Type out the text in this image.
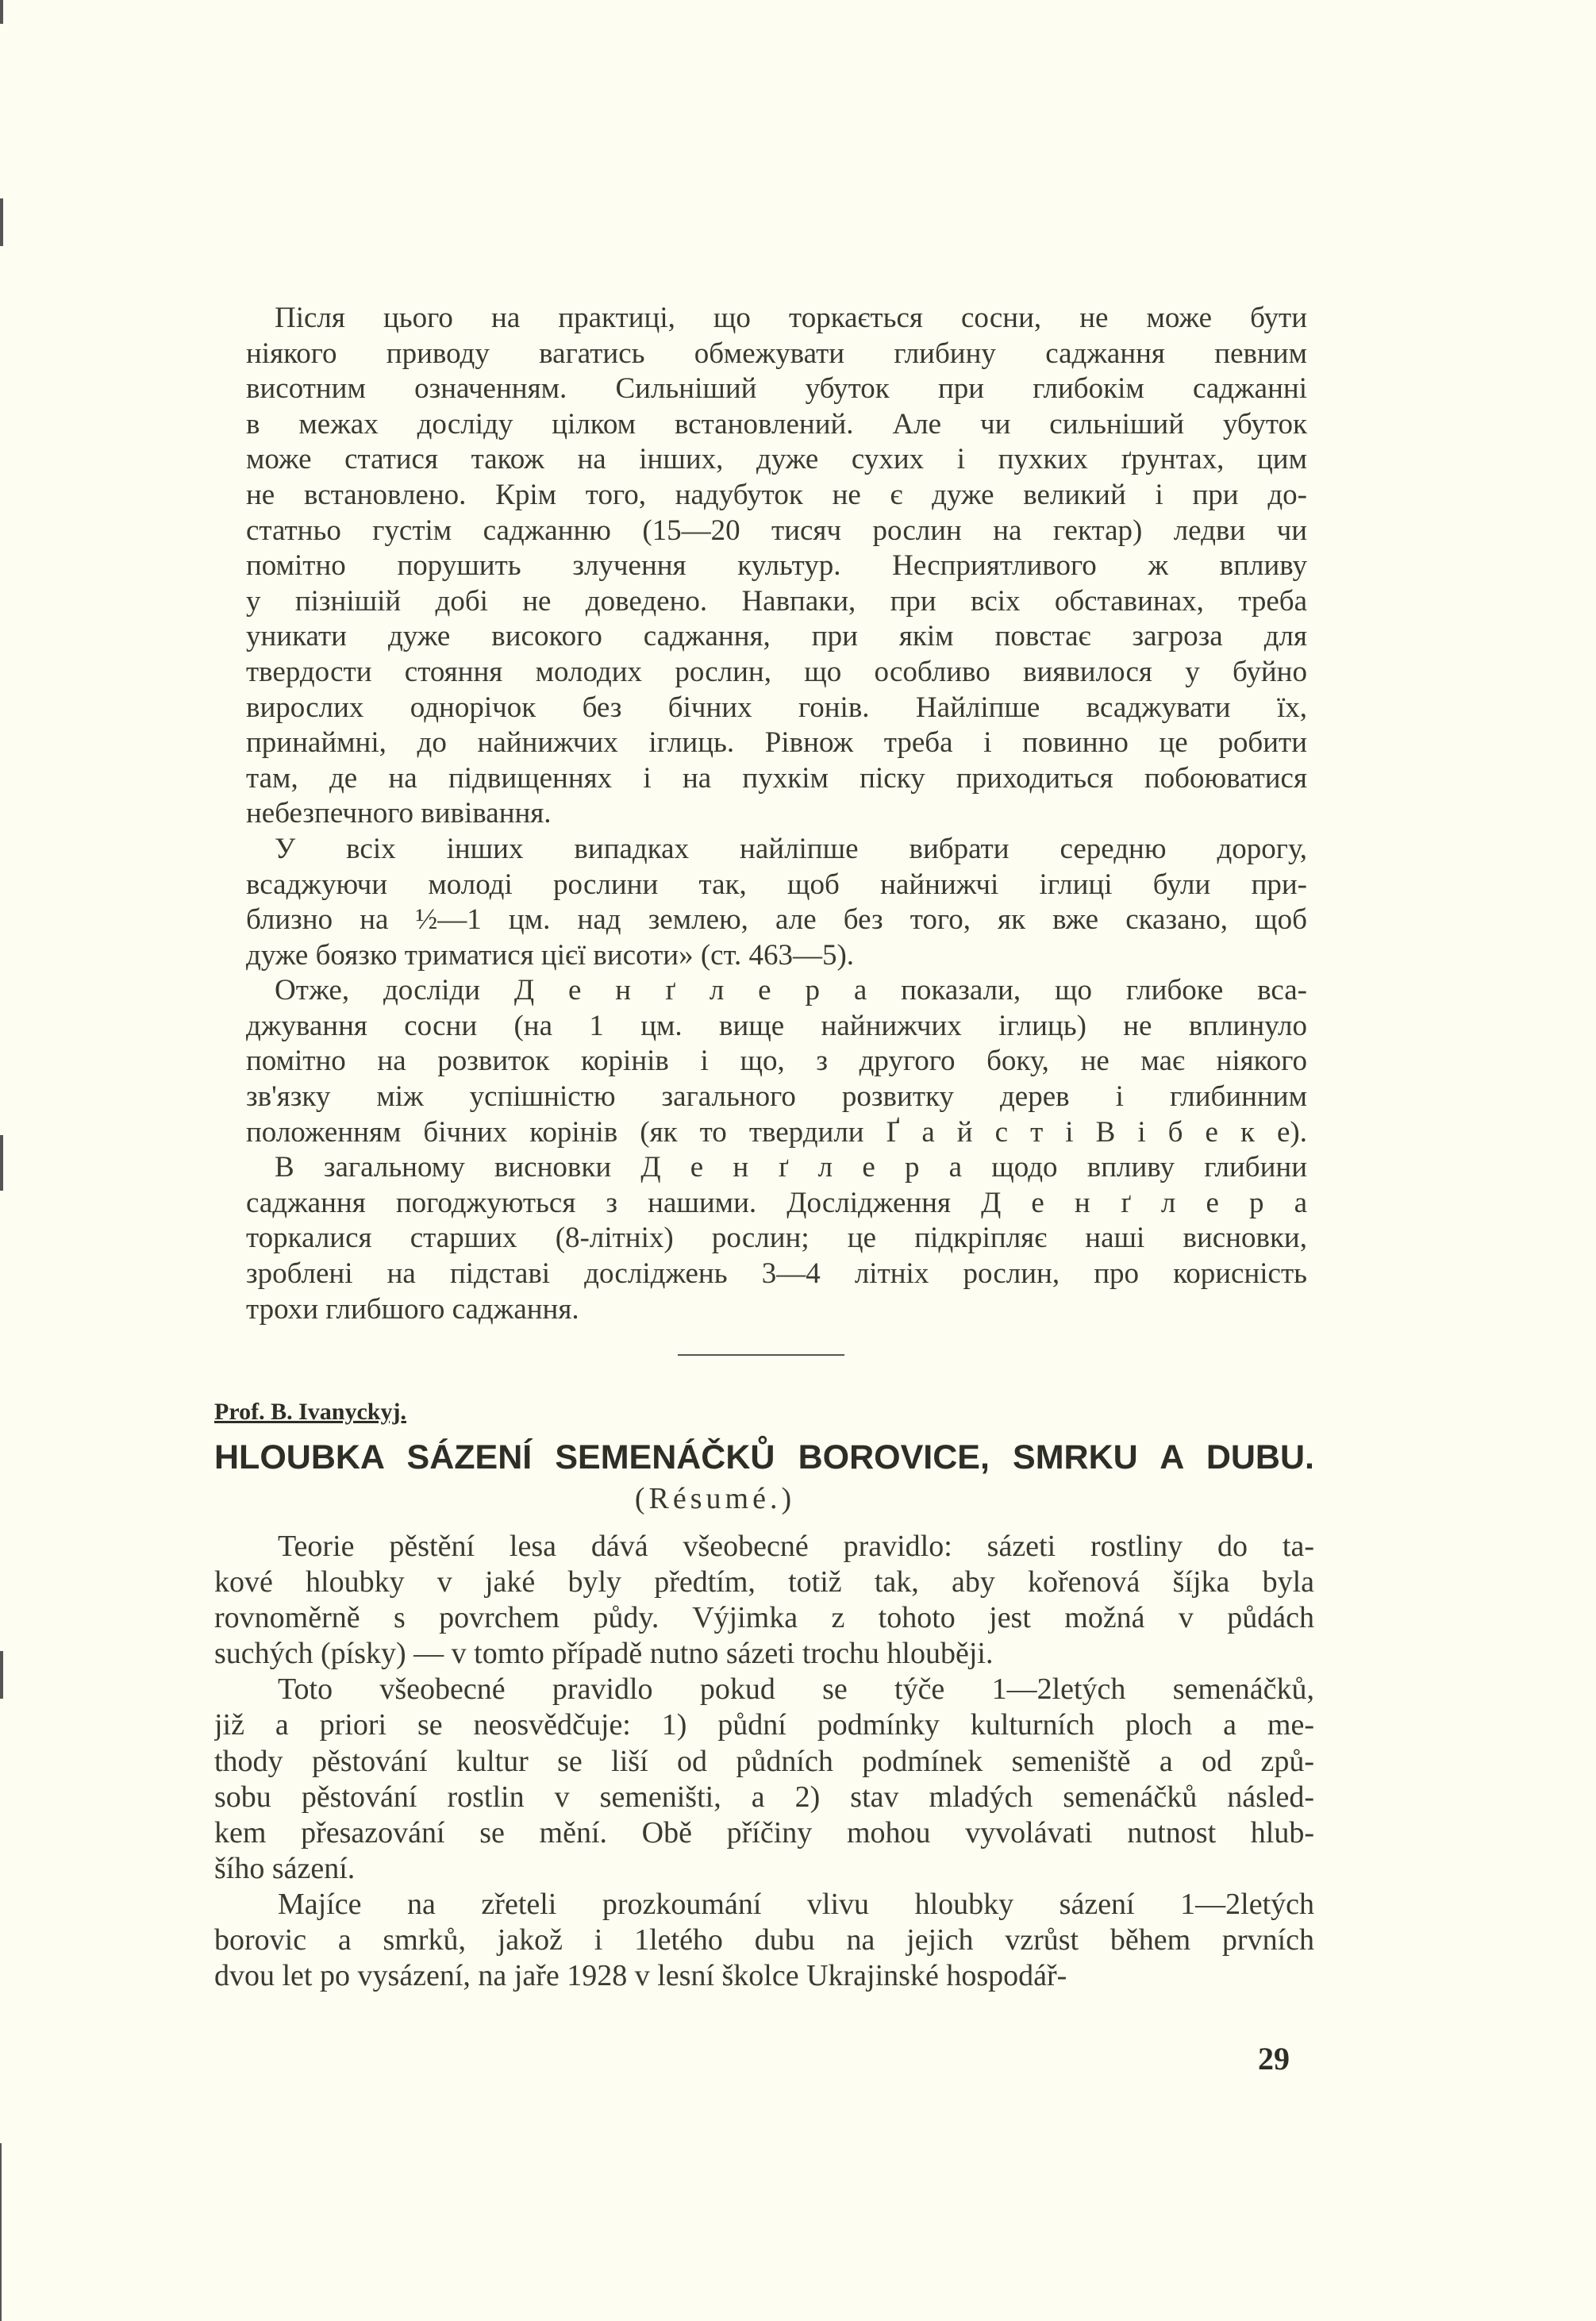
Після цього на практиці, що торкається сосни, не може бути
ніякого приводу вагатись обмежувати глибину саджання певним
висотним означенням. Сильніший убуток при глибокім саджанні
в межах досліду цілком встановлений. Але чи сильніший убуток
може статися також на інших, дуже сухих і пухких ґрунтах, цим
не встановлено. Крім того, надубуток не є дуже великий і при до-
статньо густім саджанню (15—20 тисяч рослин на гектар) ледви чи
помітно порушить злучення культур. Несприятливого ж впливу
у пізнішій добі не доведено. Навпаки, при всіх обставинах, треба
уникати дуже високого саджання, при якім повстає загроза для
твердости стояння молодих рослин, що особливо виявилося у буйно
вирослих однорічок без бічних гонів. Найліпше всаджувати їх,
принаймні, до найнижчих іглиць. Рівнож треба і повинно це робити
там, де на підвищеннях і на пухкім піску приходиться побоюватися
небезпечного вивівання.
У всіх інших випадках найліпше вибрати середню дорогу,
всаджуючи молоді рослини так, щоб найнижчі іглиці були при-
близно на ½—1 цм. над землею, але без того, як вже сказано, щоб
дуже боязко триматися цієї висоти» (ст. 463—5).
Отже, досліди Д е н ґ л е р а показали, що глибоке вса-
джування сосни (на 1 цм. вище найнижчих іглиць) не вплинуло
помітно на розвиток корінів і що, з другого боку, не має ніякого
зв'язку між успішністю загального розвитку дерев і глибинним
положенням бічних корінів (як то твердили Ґ а й с т і В і б е к е).
В загальному висновки Д е н ґ л е р а щодо впливу глибини
саджання погоджуються з нашими. Дослідження Д е н ґ л е р а
торкалися старших (8-літніх) рослин; це підкріпляє наші висновки,
зроблені на підставі досліджень 3—4 літніх рослин, про корисність
трохи глибшого саджання.
Prof. B. Ivanyckyj.
HLOUBKA SÁZENÍ SEMENÁČKŮ BOROVICE, SMRKU A DUBU.
(Résumé.)
Teorie pěstění lesa dává všeobecné pravidlo: sázeti rostliny do ta-
kové hloubky v jaké byly předtím, totiž tak, aby kořenová šíjka byla
rovnoměrně s povrchem půdy. Výjimka z tohoto jest možná v půdách
suchých (písky) — v tomto případě nutno sázeti trochu hlouběji.
Toto všeobecné pravidlo pokud se týče 1—2letých semenáčků,
již a priori se neosvědčuje: 1) půdní podmínky kulturních ploch a me-
thody pěstování kultur se liší od půdních podmínek semeniště a od způ-
sobu pěstování rostlin v semeništi, a 2) stav mladých semenáčků násled-
kem přesazování se mění. Obě příčiny mohou vyvolávati nutnost hlub-
šího sázení.
Majíce na zřeteli prozkoumání vlivu hloubky sázení 1—2letých
borovic a smrků, jakož i 1letého dubu na jejich vzrůst během prvních
dvou let po vysázení, na jaře 1928 v lesní školce Ukrajinské hospodář-
29
